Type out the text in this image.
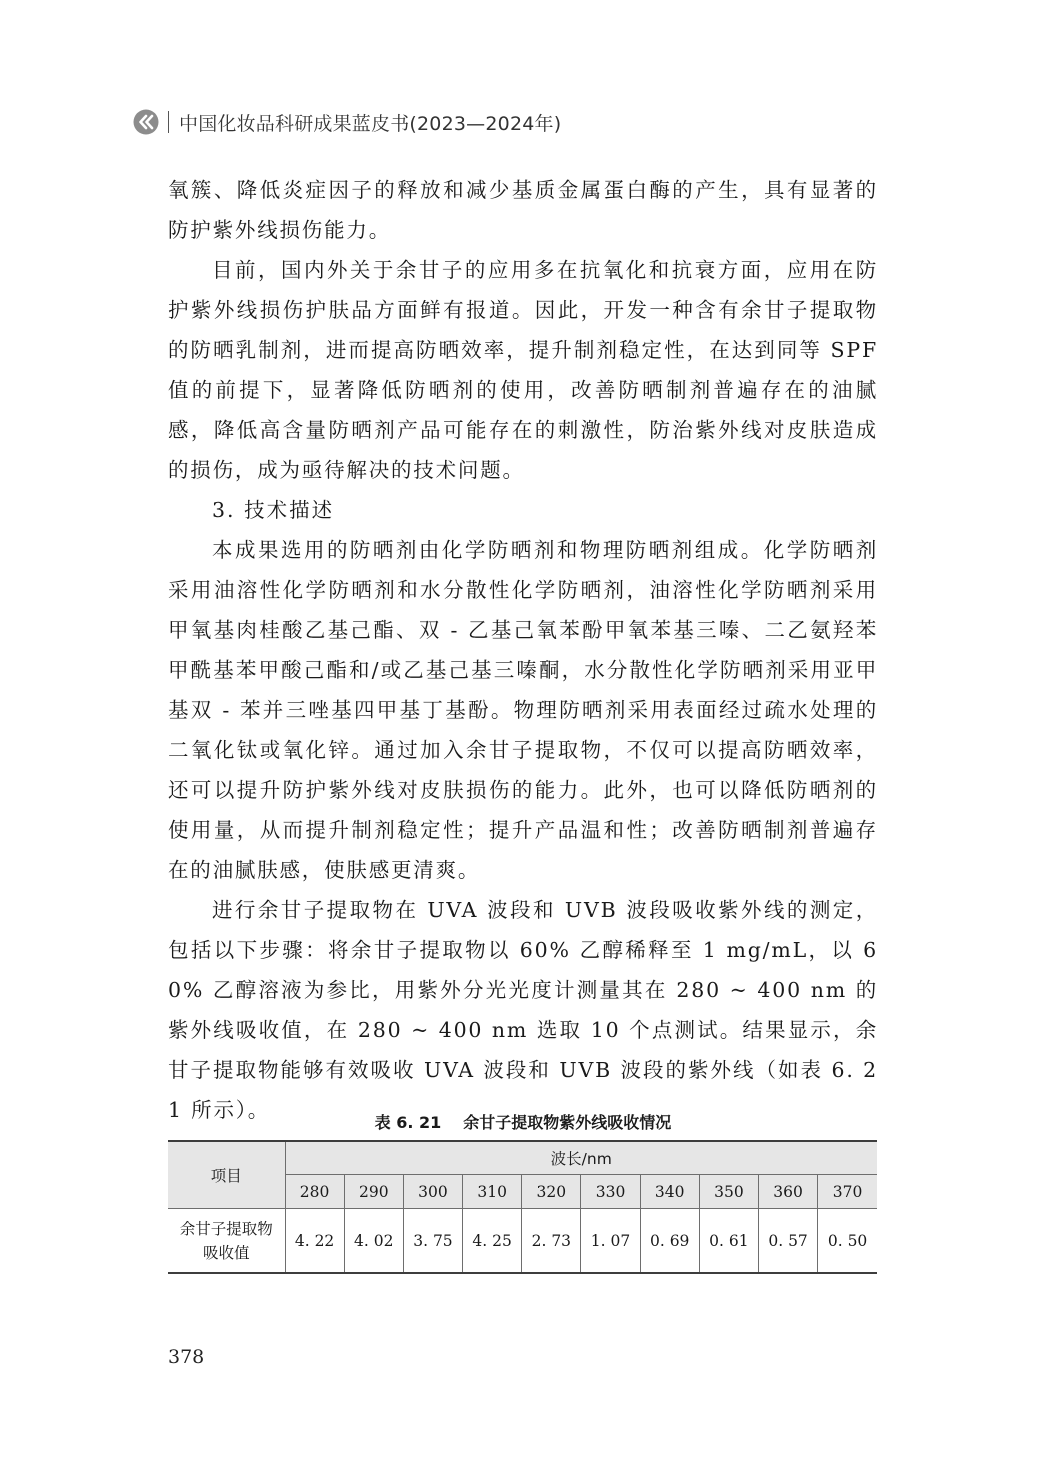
中国化妆品科研成果蓝皮书(2023—2024年)

氧簇、降低炎症因子的释放和减少基质金属蛋白酶的产生，具有显著的防护紫外线损伤能力。

目前，国内外关于余甘子的应用多在抗氧化和抗衰方面，应用在防护紫外线损伤护肤品方面鲜有报道。因此，开发一种含有余甘子提取物的防晒乳制剂，进而提高防晒效率，提升制剂稳定性，在达到同等 SPF 值的前提下，显著降低防晒剂的使用，改善防晒制剂普遍存在的油腻感，降低高含量防晒剂产品可能存在的刺激性，防治紫外线对皮肤造成的损伤，成为亟待解决的技术问题。

3. 技术描述

本成果选用的防晒剂由化学防晒剂和物理防晒剂组成。化学防晒剂采用油溶性化学防晒剂和水分散性化学防晒剂，油溶性化学防晒剂采用甲氧基肉桂酸乙基己酯、双 - 乙基己氧苯酚甲氧苯基三嗪、二乙氨羟苯甲酰基苯甲酸己酯和/或乙基己基三嗪酮，水分散性化学防晒剂采用亚甲基双 - 苯并三唑基四甲基丁基酚。物理防晒剂采用表面经过疏水处理的二氧化钛或氧化锌。通过加入余甘子提取物，不仅可以提高防晒效率，还可以提升防护紫外线对皮肤损伤的能力。此外，也可以降低防晒剂的使用量，从而提升制剂稳定性；提升产品温和性；改善防晒制剂普遍存在的油腻肤感，使肤感更清爽。

进行余甘子提取物在 UVA 波段和 UVB 波段吸收紫外线的测定，包括以下步骤：将余甘子提取物以 60% 乙醇稀释至 1 mg/mL，以 60% 乙醇溶液为参比，用紫外分光光度计测量其在 280 ~ 400 nm 的紫外线吸收值，在 280 ~ 400 nm 选取 10 个点测试。结果显示，余甘子提取物能够有效吸收 UVA 波段和 UVB 波段的紫外线（如表 6. 21 所示）。

表 6. 21 余甘子提取物紫外线吸收情况
项目	波长/nm									
	280	290	300	310	320	330	340	350	360	370
余甘子提取物
吸收值	4. 22	4. 02	3. 75	4. 25	2. 73	1. 07	0. 69	0. 61	0. 57	0. 50
378
